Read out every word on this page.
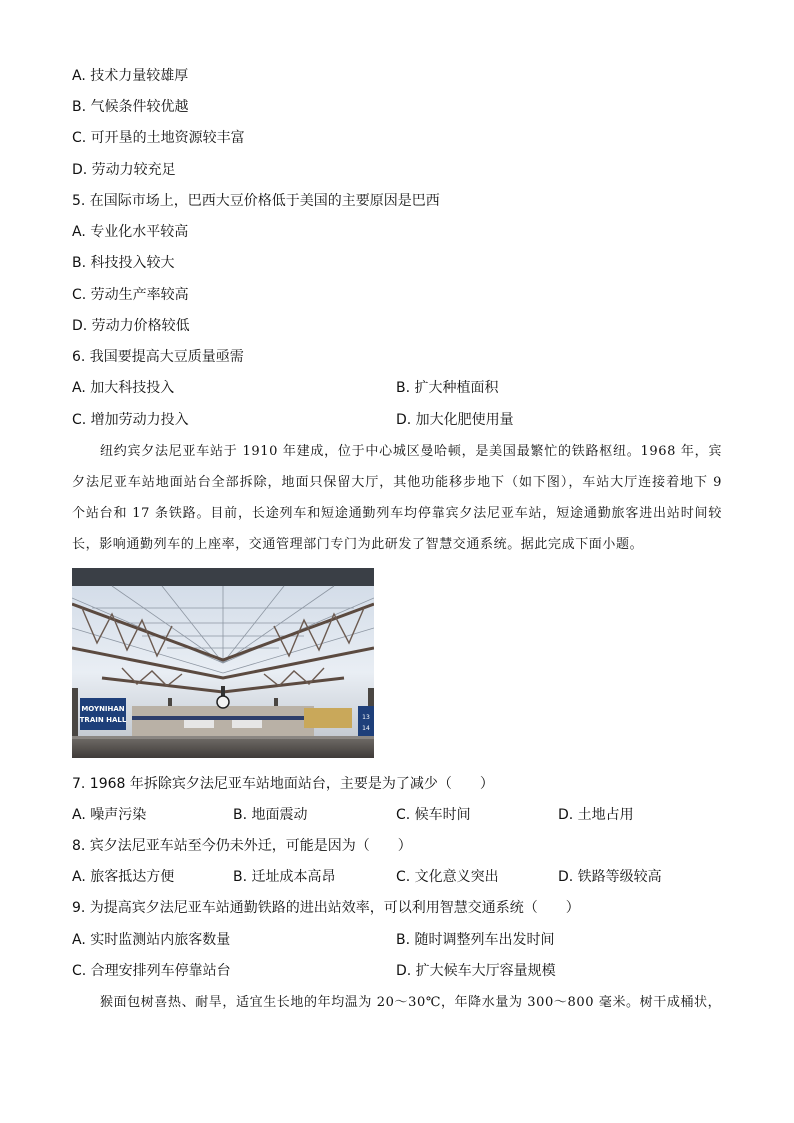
A. 技术力量较雄厚
B. 气候条件较优越
C. 可开垦的土地资源较丰富
D. 劳动力较充足
5. 在国际市场上，巴西大豆价格低于美国的主要原因是巴西
A. 专业化水平较高
B. 科技投入较大
C. 劳动生产率较高
D. 劳动力价格较低
6. 我国要提高大豆质量亟需
A. 加大科技投入	B. 扩大种植面积
C. 增加劳动力投入	D. 加大化肥使用量
纽约宾夕法尼亚车站于 1910 年建成，位于中心城区曼哈顿，是美国最繁忙的铁路枢纽。1968 年，宾夕法尼亚车站地面站台全部拆除，地面只保留大厅，其他功能移步地下（如下图），车站大厅连接着地下 9 个站台和 17 条铁路。目前，长途列车和短途通勤列车均停靠宾夕法尼亚车站，短途通勤旅客进出站时间较长，影响通勤列车的上座率，交通管理部门专门为此研发了智慧交通系统。据此完成下面小题。
MOYNIHAN
TRAIN HALL	13
14
7. 1968 年拆除宾夕法尼亚车站地面站台，主要是为了减少（　　）
A. 噪声污染	B. 地面震动	C. 候车时间	D. 土地占用
8. 宾夕法尼亚车站至今仍未外迁，可能是因为（　　）
A. 旅客抵达方便	B. 迁址成本高昂	C. 文化意义突出	D. 铁路等级较高
9. 为提高宾夕法尼亚车站通勤铁路的进出站效率，可以利用智慧交通系统（　　）
A. 实时监测站内旅客数量	B. 随时调整列车出发时间
C. 合理安排列车停靠站台	D. 扩大候车大厅容量规模
猴面包树喜热、耐旱，适宜生长地的年均温为 20～30℃，年降水量为 300～800 毫米。树干成桶状，
